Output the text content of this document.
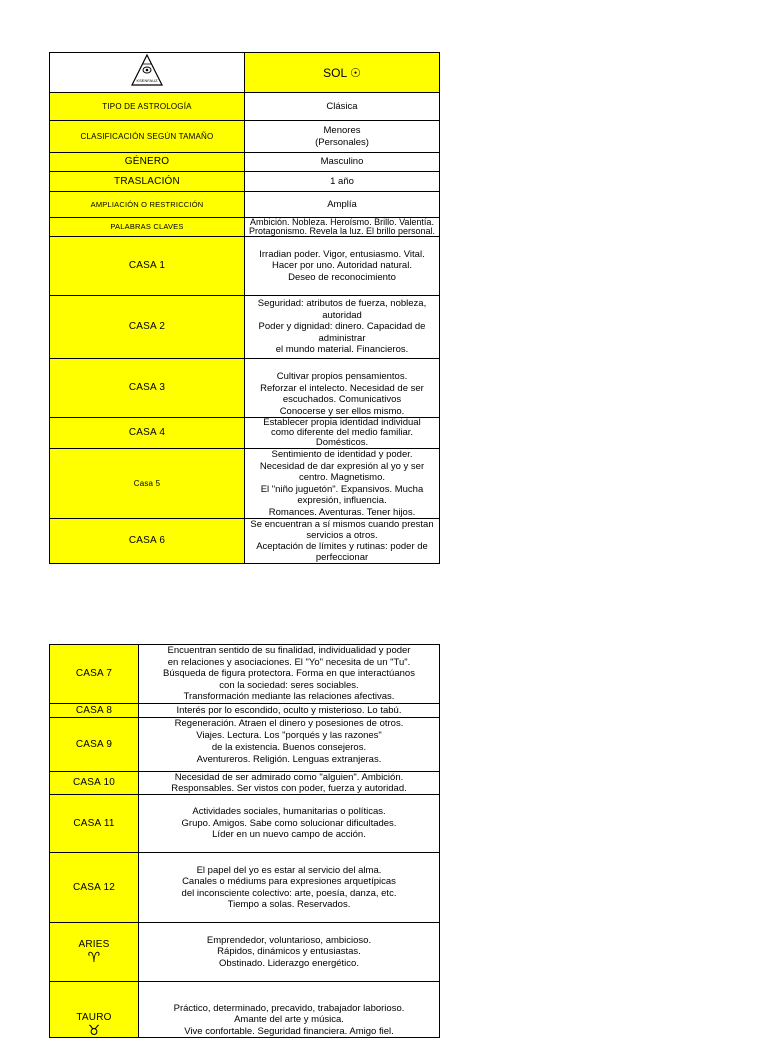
KSENFAUZ	SOL ☉
TIPO DE ASTROLOGÍA	Clásica
CLASIFICACIÓN SEGÚN TAMAÑO	Menores
(Personales)

GÉNERO	Masculino
TRASLACIÓN	1 año
AMPLIACIÓN O RESTRICCIÓN	Amplía
PALABRAS CLAVES	Ambición. Nobleza. Heroísmo. Brillo. Valentía.
Protagonismo. Revela la luz. El brillo personal.

CASA 1	Irradian poder. Vigor, entusiasmo. Vital.
Hacer por uno. Autoridad natural.
Deseo de reconocimiento

CASA 2	Seguridad: atributos de fuerza, nobleza, autoridad
Poder y dignidad: dinero. Capacidad de administrar
el mundo material. Financieros.

CASA 3	Cultivar propios pensamientos.
Reforzar el intelecto. Necesidad de ser
escuchados. Comunicativos
Conocerse y ser ellos mismo.

CASA 4	Establecer propia identidad individual
como diferente del medio familiar. Domésticos.

Casa 5	Sentimiento de identidad y poder.
Necesidad de dar expresión al yo y ser centro. Magnetismo.
El "niño juguetón". Expansivos. Mucha expresión, influencia.
Romances. Aventuras. Tener hijos.

CASA 6	Se encuentran a sí mismos cuando prestan servicios a otros.
Aceptación de límites y rutinas: poder de perfeccionar
CASA 7	Encuentran sentido de su finalidad, individualidad y poder
en relaciones y asociaciones. El "Yo" necesita de un "Tu".
Búsqueda de figura protectora. Forma en que interactúanos
con la sociedad: seres sociables.
Transformación mediante las relaciones afectivas.

CASA 8	Interés por lo escondido, oculto y misterioso. Lo tabú.
CASA 9	Regeneración. Atraen el dinero y posesiones de otros.
Viajes. Lectura. Los "porqués y las razones"
de la existencia. Buenos consejeros.
Aventureros. Religión. Lenguas extranjeras.

CASA 10	Necesidad de ser admirado como "alguien". Ambición.
Responsables. Ser vistos con poder, fuerza y autoridad.

CASA 11	Actividades sociales, humanitarias o políticas.
Grupo. Amigos. Sabe como solucionar dificultades.
Líder en un nuevo campo de acción.

CASA 12	El papel del yo es estar al servicio del alma.
Canales o médiums para expresiones arquetípicas
del inconsciente colectivo: arte, poesía, danza, etc.
Tiempo a solas. Reservados.

ARIES
♈	Emprendedor, voluntarioso, ambicioso.
Rápidos, dinámicos y entusiastas.
Obstinado. Liderazgo energético.

TAURO
♉	Práctico, determinado, precavido, trabajador laborioso.
Amante del arte y música.
Vive confortable. Seguridad financiera. Amigo fiel.
